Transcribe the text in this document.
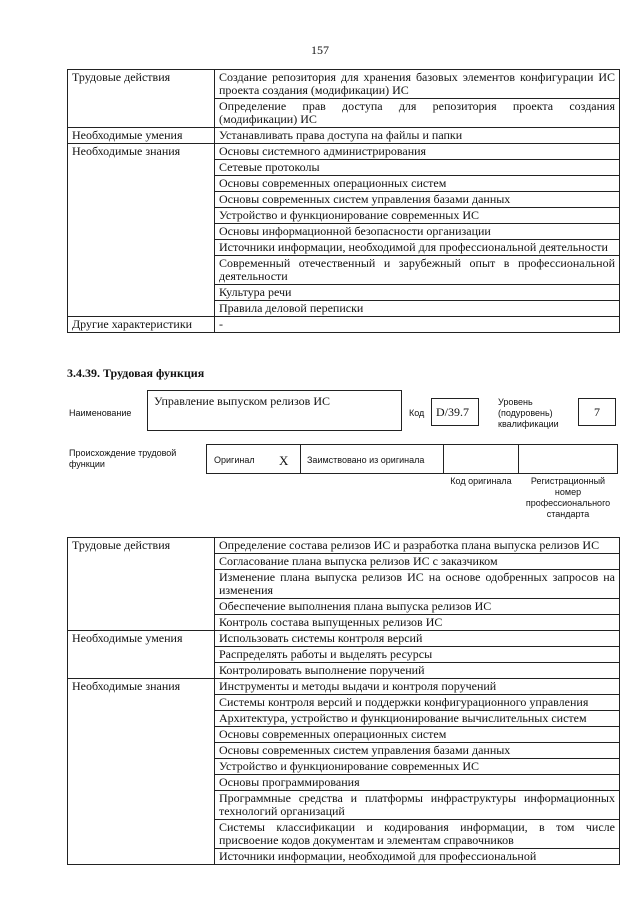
157
Трудовые действия	Создание репозитория для хранения базовых элементов конфигурации ИС проекта создания (модификации) ИС
	Определение прав доступа для репозитория проекта создания (модификации) ИС
Необходимые умения	Устанавливать права доступа на файлы и папки
Необходимые знания	Основы системного администрирования
	Сетевые протоколы
	Основы современных операционных систем
	Основы современных систем управления базами данных
	Устройство и функционирование современных ИС
	Основы информационной безопасности организации
	Источники информации, необходимой для профессиональной деятельности
	Современный отечественный и зарубежный опыт в профессиональной деятельности
	Культура речи
	Правила деловой переписки
Другие характеристики	-
3.4.39. Трудовая функция
Наименование
Управление выпуском релизов ИС
Код D/39.7
Уровень (подуровень) квалификации
7
Происхождение трудовой функции	Оригинал X Заимствовано из оригинала
Код оригинала	Регистрационный номер профессионального стандарта
Трудовые действия	Определение состава релизов ИС и разработка плана выпуска релизов ИС
	Согласование плана выпуска релизов ИС с заказчиком
	Изменение плана выпуска релизов ИС на основе одобренных запросов на изменения
	Обеспечение выполнения плана выпуска релизов ИС
	Контроль состава выпущенных релизов ИС
Необходимые умения	Использовать системы контроля версий
	Распределять работы и выделять ресурсы
	Контролировать выполнение поручений
Необходимые знания	Инструменты и методы выдачи и контроля поручений
	Системы контроля версий и поддержки конфигурационного управления
	Архитектура, устройство и функционирование вычислительных систем
	Основы современных операционных систем
	Основы современных систем управления базами данных
	Устройство и функционирование современных ИС
	Основы программирования
	Программные средства и платформы инфраструктуры информационных технологий организаций
	Системы классификации и кодирования информации, в том числе присвоение кодов документам и элементам справочников
	Источники информации, необходимой для профессиональной
